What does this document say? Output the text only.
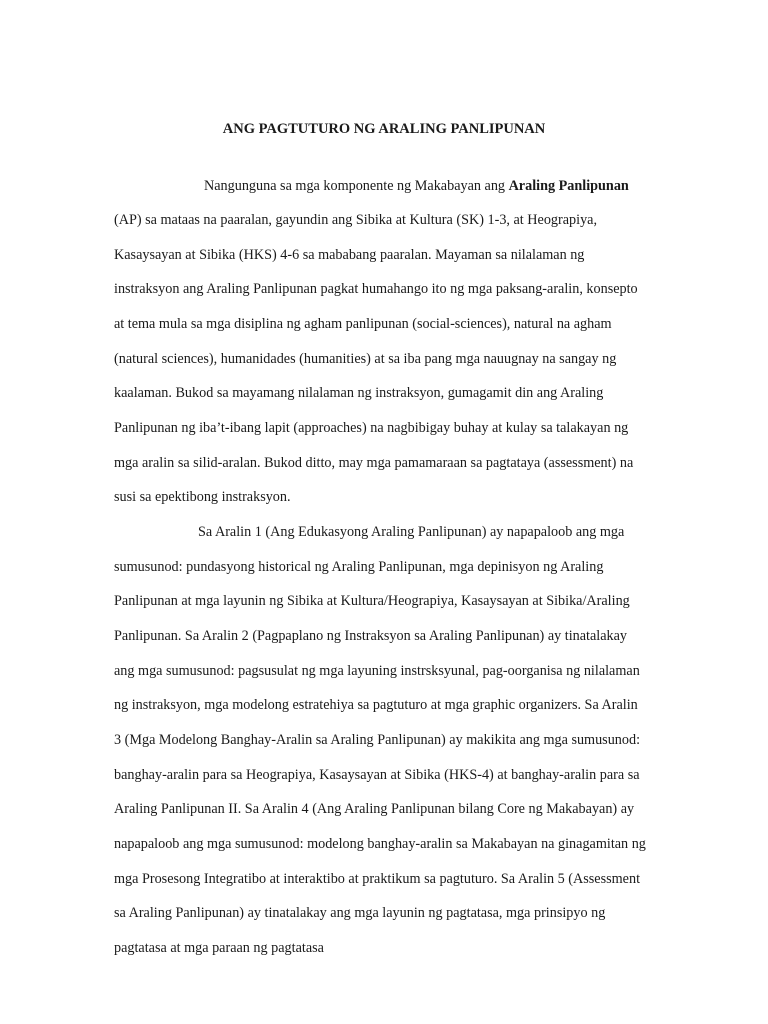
ANG PAGTUTURO NG ARALING PANLIPUNAN
Nangunguna sa mga komponente ng Makabayan ang Araling Panlipunan
(AP) sa mataas na paaralan, gayundin ang Sibika at Kultura (SK) 1-3, at Heograpiya,
Kasaysayan at Sibika (HKS) 4-6 sa mababang paaralan. Mayaman sa nilalaman ng
instraksyon ang Araling Panlipunan pagkat humahango ito ng mga paksang-aralin, konsepto
at tema mula sa mga disiplina ng agham panlipunan (social-sciences), natural na agham
(natural sciences), humanidades (humanities) at sa iba pang mga nauugnay na sangay ng
kaalaman. Bukod sa mayamang nilalaman ng instraksyon, gumagamit din ang Araling
Panlipunan ng iba’t-ibang lapit (approaches) na nagbibigay buhay at kulay sa talakayan ng
mga aralin sa silid-aralan. Bukod ditto, may mga pamamaraan sa pagtataya (assessment) na
susi sa epektibong instraksyon.
Sa Aralin 1 (Ang Edukasyong Araling Panlipunan) ay napapaloob ang mga
sumusunod: pundasyong historical ng Araling Panlipunan, mga depinisyon ng Araling
Panlipunan at mga layunin ng Sibika at Kultura/Heograpiya, Kasaysayan at Sibika/Araling
Panlipunan. Sa Aralin 2 (Pagpaplano ng Instraksyon sa Araling Panlipunan) ay tinatalakay
ang mga sumusunod: pagsusulat ng mga layuning instrsksyunal, pag-oorganisa ng nilalaman
ng instraksyon, mga modelong estratehiya sa pagtuturo at mga graphic organizers. Sa Aralin
3 (Mga Modelong Banghay-Aralin sa Araling Panlipunan) ay makikita ang mga sumusunod:
banghay-aralin para sa Heograpiya, Kasaysayan at Sibika (HKS-4) at banghay-aralin para sa
Araling Panlipunan II. Sa Aralin 4 (Ang Araling Panlipunan bilang Core ng Makabayan) ay
napapaloob ang mga sumusunod: modelong banghay-aralin sa Makabayan na ginagamitan ng
mga Prosesong Integratibo at interaktibo at praktikum sa pagtuturo. Sa Aralin 5 (Assessment
sa Araling Panlipunan) ay tinatalakay ang mga layunin ng pagtatasa, mga prinsipyo ng
pagtatasa at mga paraan ng pagtatasa
